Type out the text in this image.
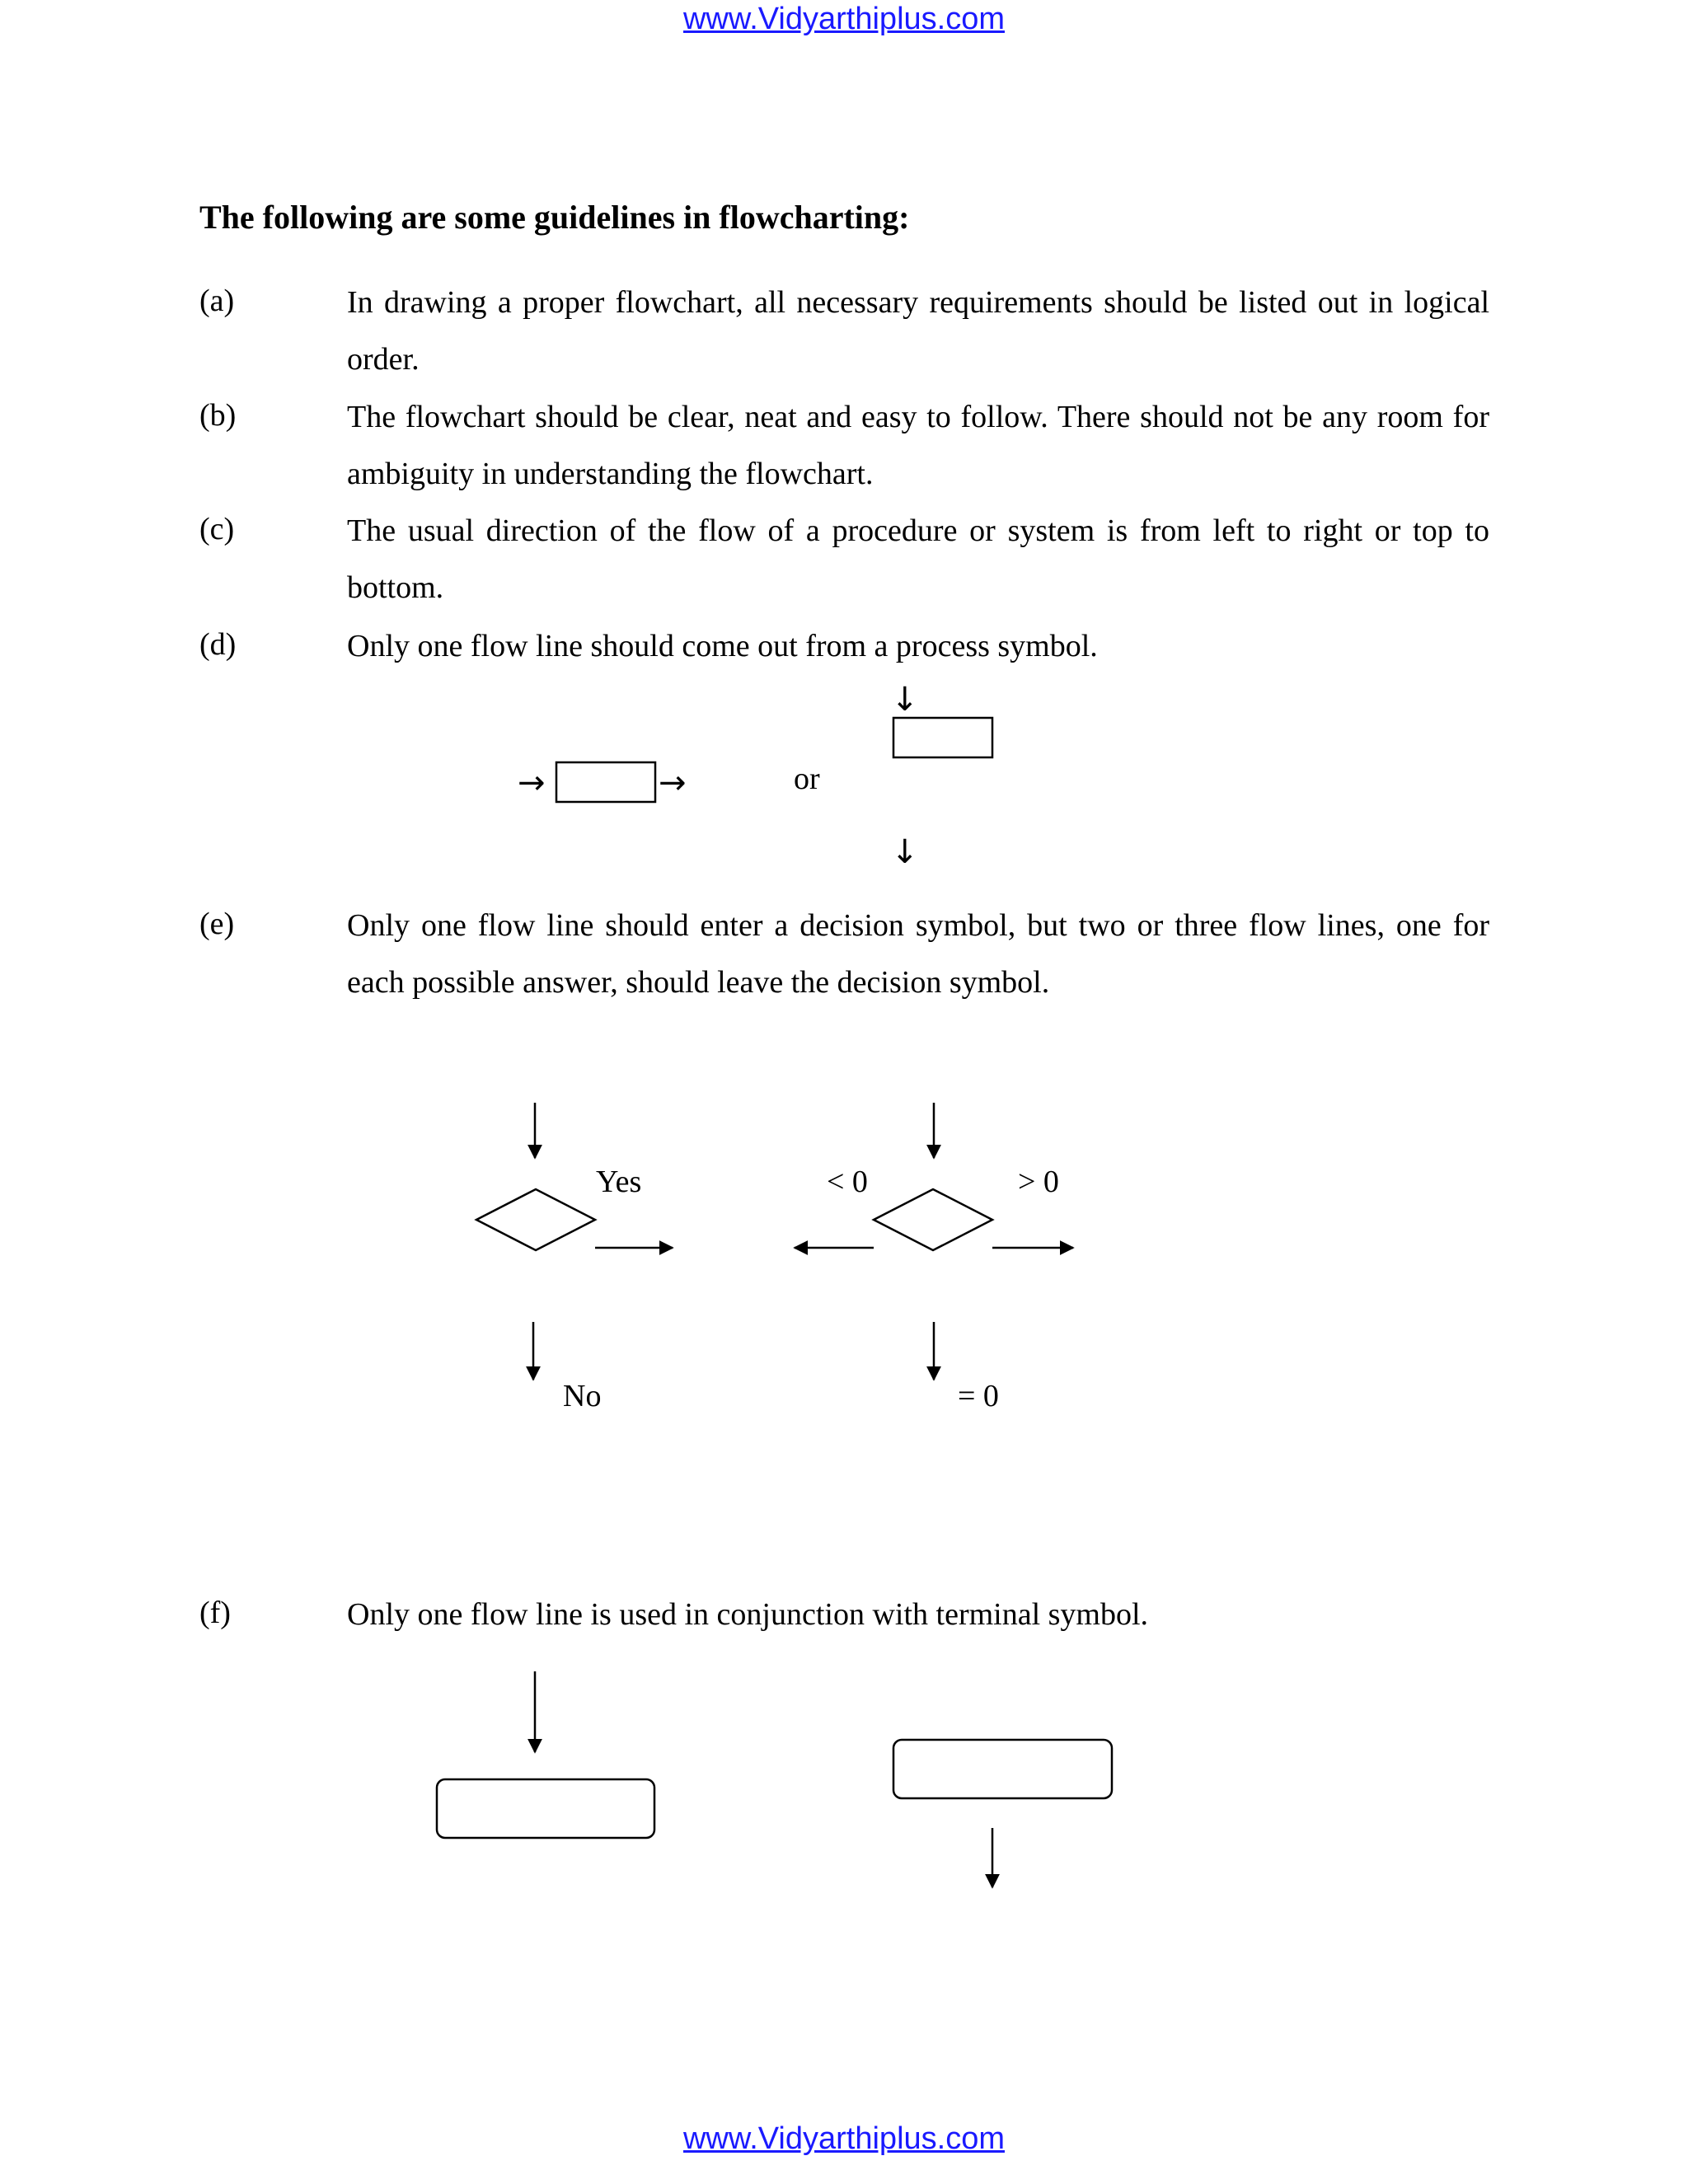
www.Vidyarthiplus.com
The following are some guidelines in flowcharting:
(a)	In drawing a proper flowchart, all necessary requirements should be listed out in logical order.
(b)	The flowchart should be clear, neat and easy to follow. There should not be any room for ambiguity in understanding the flowchart.
(c)	The usual direction of the flow of a procedure or system is from left to right or top to bottom.
(d)	Only one flow line should come out from a process symbol.
→	→	or
↓
↓
(e)	Only one flow line should enter a decision symbol, but two or three flow lines, one for each possible answer, should leave the decision symbol.
Yes
No
< 0	> 0
= 0
(f)	Only one flow line is used in conjunction with terminal symbol.
www.Vidyarthiplus.com
